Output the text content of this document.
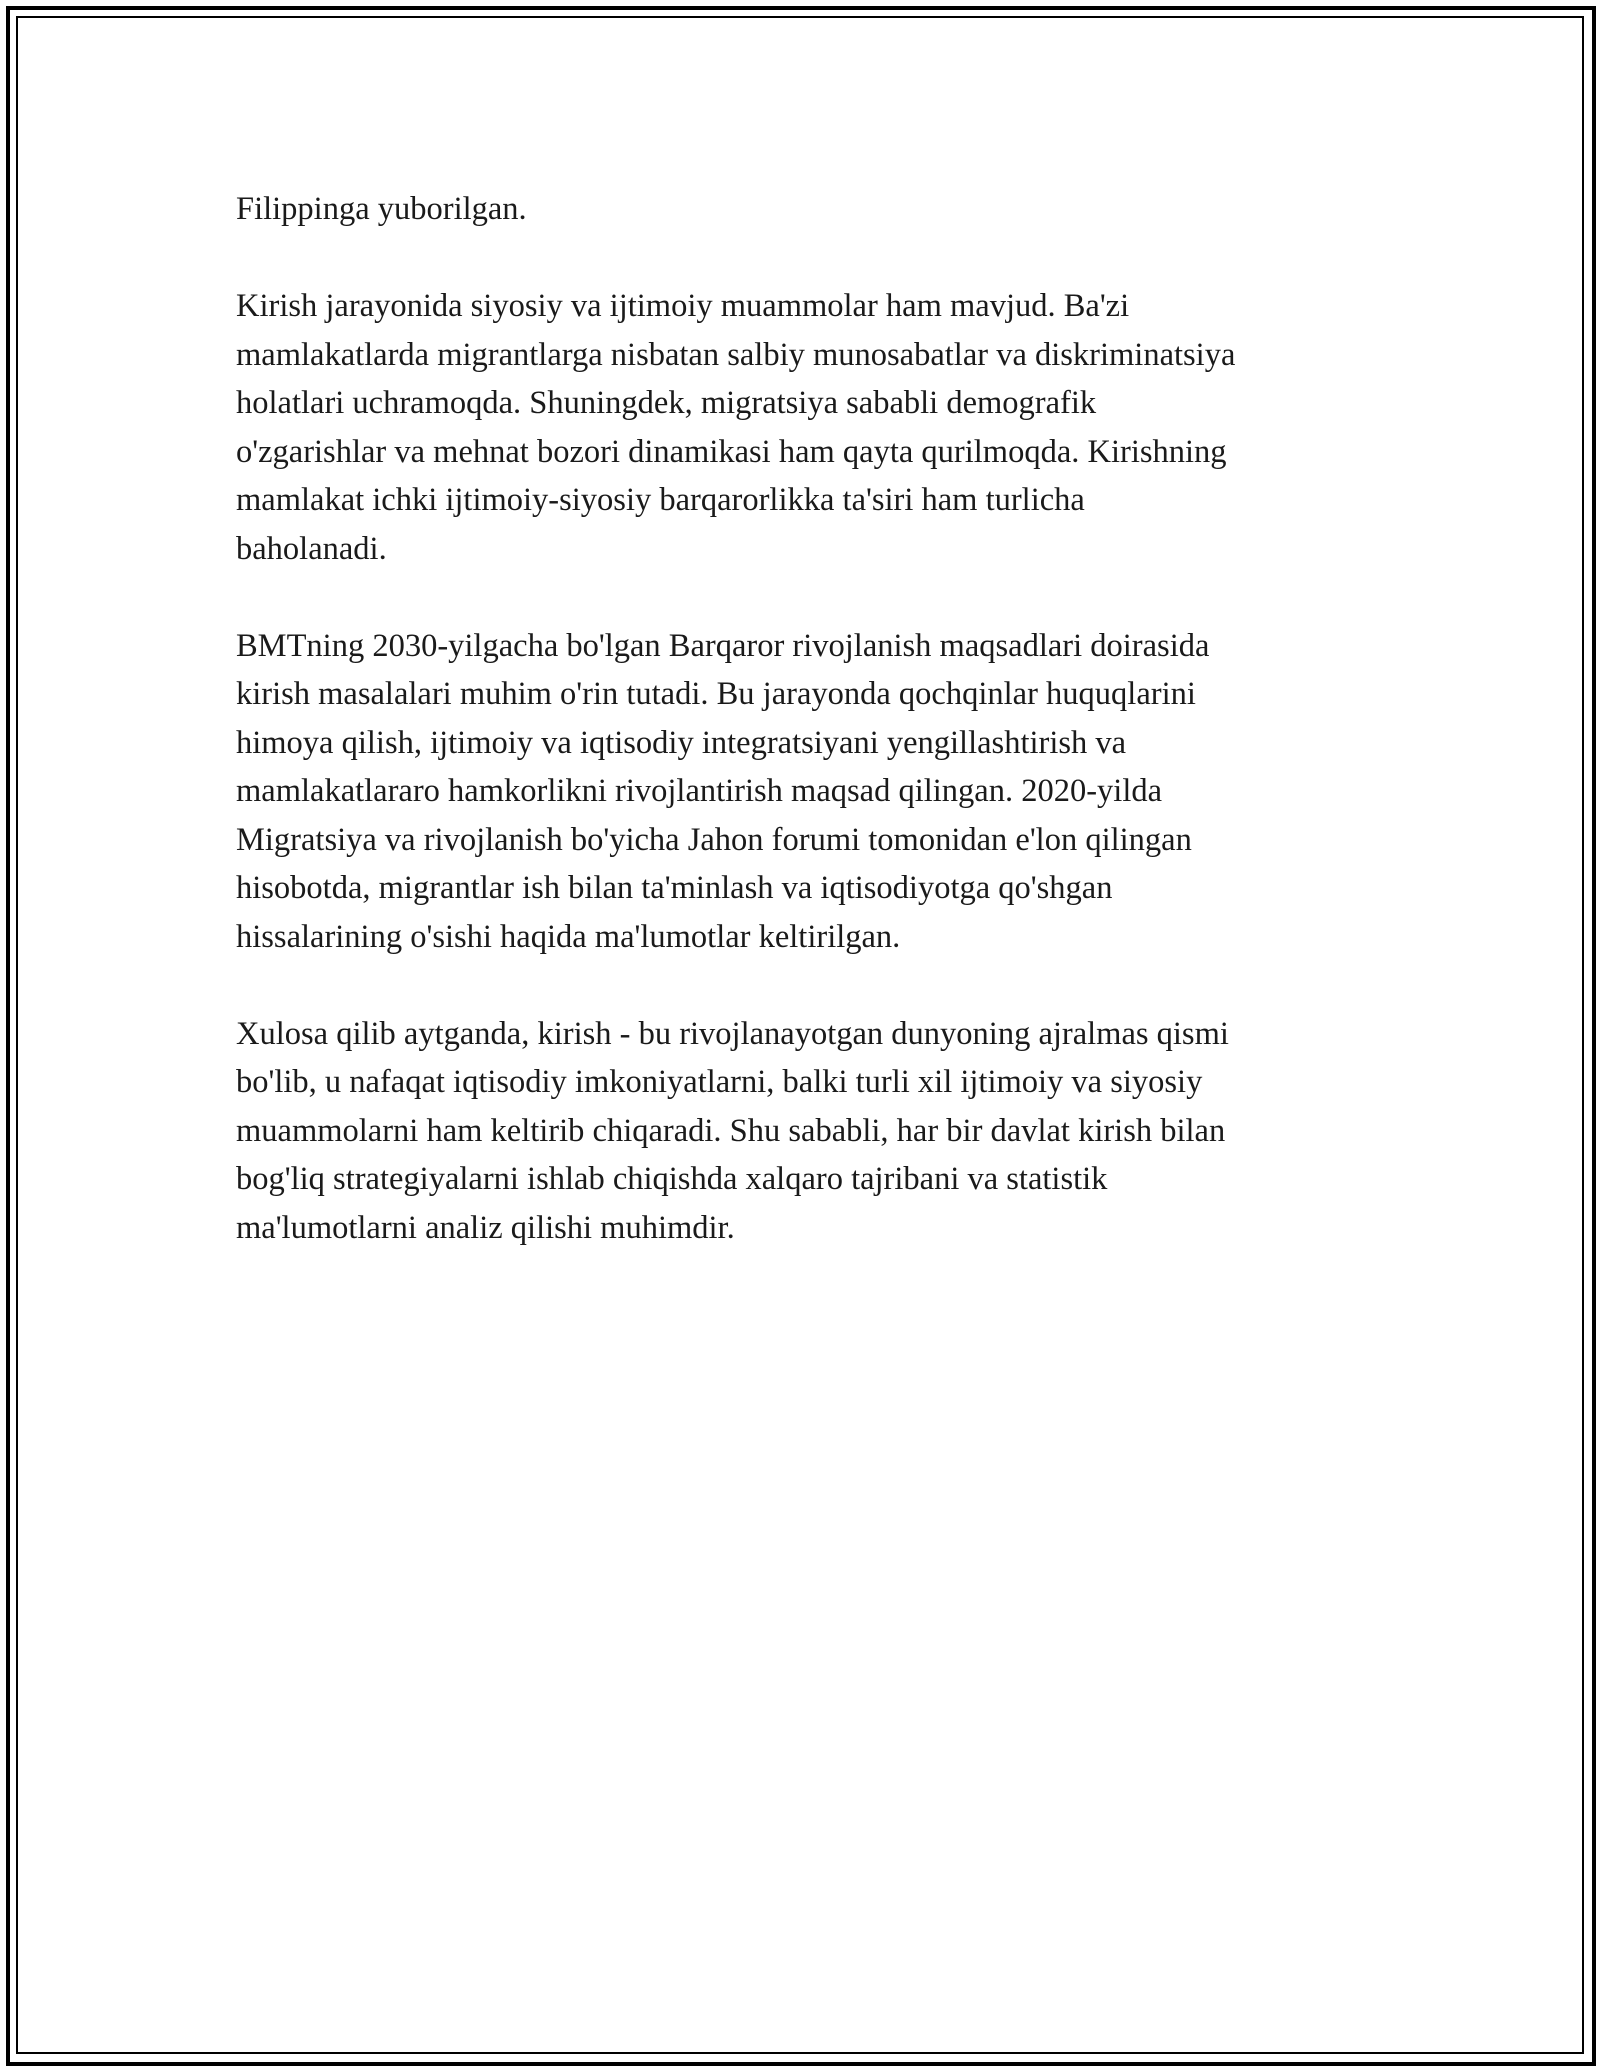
Filippinga yuborilgan.

Kirish jarayonida siyosiy va ijtimoiy muammolar ham mavjud. Ba'zi
mamlakatlarda migrantlarga nisbatan salbiy munosabatlar va diskriminatsiya
holatlari uchramoqda. Shuningdek, migratsiya sababli demografik
o'zgarishlar va mehnat bozori dinamikasi ham qayta qurilmoqda. Kirishning
mamlakat ichki ijtimoiy-siyosiy barqarorlikka ta'siri ham turlicha
baholanadi.

BMTning 2030-yilgacha bo'lgan Barqaror rivojlanish maqsadlari doirasida
kirish masalalari muhim o'rin tutadi. Bu jarayonda qochqinlar huquqlarini
himoya qilish, ijtimoiy va iqtisodiy integratsiyani yengillashtirish va
mamlakatlararo hamkorlikni rivojlantirish maqsad qilingan. 2020-yilda
Migratsiya va rivojlanish bo'yicha Jahon forumi tomonidan e'lon qilingan
hisobotda, migrantlar ish bilan ta'minlash va iqtisodiyotga qo'shgan
hissalarining o'sishi haqida ma'lumotlar keltirilgan.

Xulosa qilib aytganda, kirish - bu rivojlanayotgan dunyoning ajralmas qismi
bo'lib, u nafaqat iqtisodiy imkoniyatlarni, balki turli xil ijtimoiy va siyosiy
muammolarni ham keltirib chiqaradi. Shu sababli, har bir davlat kirish bilan
bog'liq strategiyalarni ishlab chiqishda xalqaro tajribani va statistik
ma'lumotlarni analiz qilishi muhimdir.
